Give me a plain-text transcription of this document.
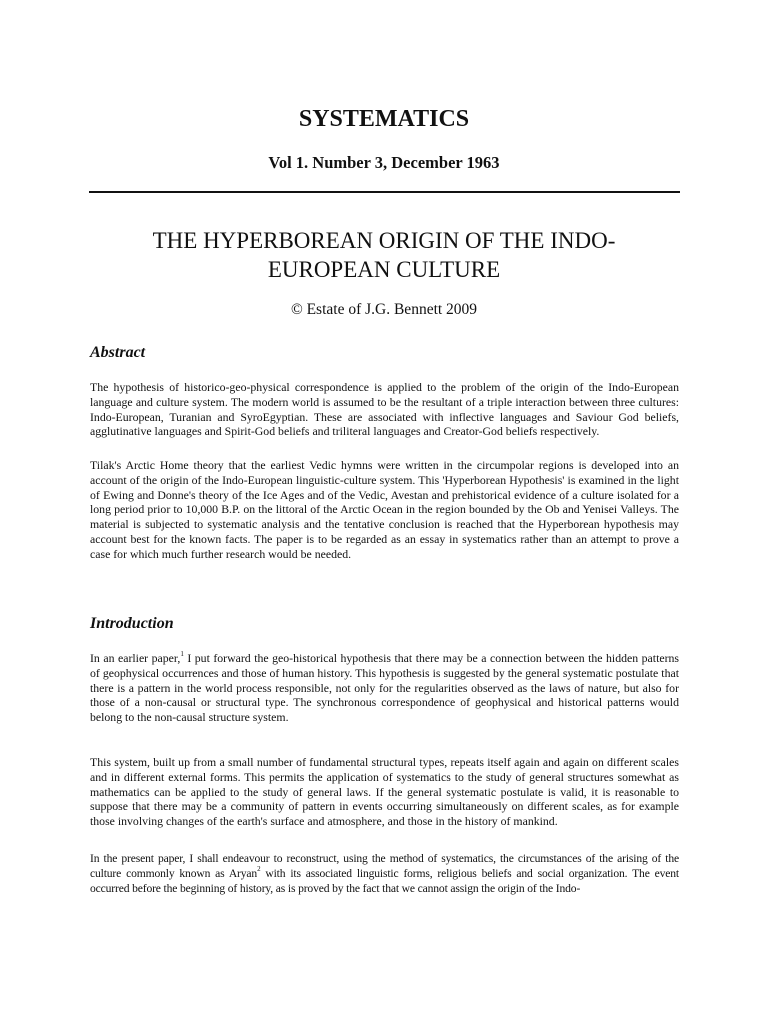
SYSTEMATICS
Vol 1. Number 3, December 1963
THE HYPERBOREAN ORIGIN OF THE INDO-
EUROPEAN CULTURE
© Estate of J.G. Bennett 2009
Abstract
The hypothesis of historico-geo-physical correspondence is applied to the problem of the origin of the Indo-European language and culture system. The modern world is assumed to be the resultant of a triple interaction between three cultures: Indo-European, Turanian and SyroEgyptian. These are associated with inflective languages and Saviour God beliefs, agglutinative languages and Spirit-God beliefs and triliteral languages and Creator-God beliefs respectively.
Tilak's Arctic Home theory that the earliest Vedic hymns were written in the circumpolar regions is developed into an account of the origin of the Indo-European linguistic-culture system. This 'Hyperborean Hypothesis' is examined in the light of Ewing and Donne's theory of the Ice Ages and of the Vedic, Avestan and prehistorical evidence of a culture isolated for a long period prior to 10,000 B.P. on the littoral of the Arctic Ocean in the region bounded by the Ob and Yenisei Valleys. The material is subjected to systematic analysis and the tentative conclusion is reached that the Hyperborean hypothesis may account best for the known facts. The paper is to be regarded as an essay in systematics rather than an attempt to prove a case for which much further research would be needed.
Introduction
In an earlier paper,$^1$ I put forward the geo-historical hypothesis that there may be a connection between the hidden patterns of geophysical occurrences and those of human history. This hypothesis is suggested by the general systematic postulate that there is a pattern in the world process responsible, not only for the regularities observed as the laws of nature, but also for those of a non-causal or structural type. The synchronous correspondence of geophysical and historical patterns would belong to the non-causal structure system.
This system, built up from a small number of fundamental structural types, repeats itself again and again on different scales and in different external forms. This permits the application of systematics to the study of general structures somewhat as mathematics can be applied to the study of general laws. If the general systematic postulate is valid, it is reasonable to suppose that there may be a community of pattern in events occurring simultaneously on different scales, as for example those involving changes of the earth's surface and atmosphere, and those in the history of mankind.
In the present paper, I shall endeavour to reconstruct, using the method of systematics, the circumstances of the arising of the culture commonly known as Aryan$^2$ with its associated linguistic forms, religious beliefs and social organization. The event occurred before the beginning of history, as is proved by the fact that we cannot assign the origin of the Indo-
